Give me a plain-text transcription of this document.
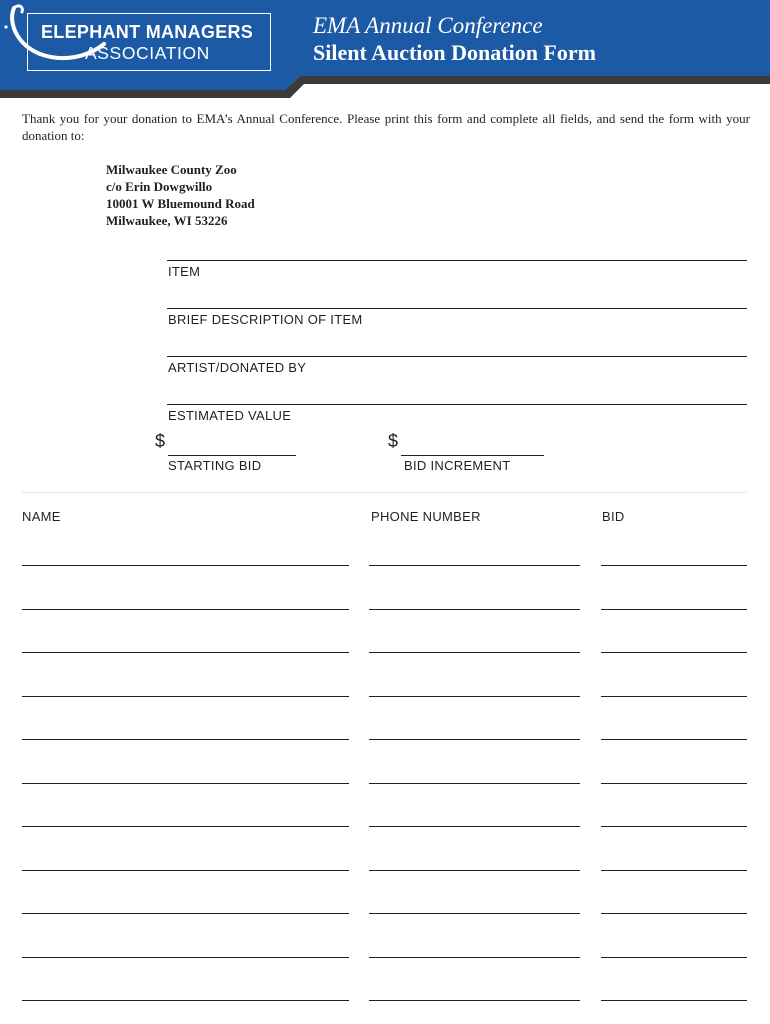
ELEPHANT MANAGERS
ASSOCIATION
EMA Annual Conference
Silent Auction Donation Form
Thank you for your donation to EMA’s Annual Conference. Please print this form and complete all fields, and send the form with your donation to:
Milwaukee County Zoo
c/o Erin Dowgwillo
10001 W Bluemound Road
Milwaukee, WI 53226
ITEM
BRIEF DESCRIPTION OF ITEM
ARTIST/DONATED BY
ESTIMATED VALUE
$
STARTING BID
$
BID INCREMENT
NAME	PHONE NUMBER	BID
